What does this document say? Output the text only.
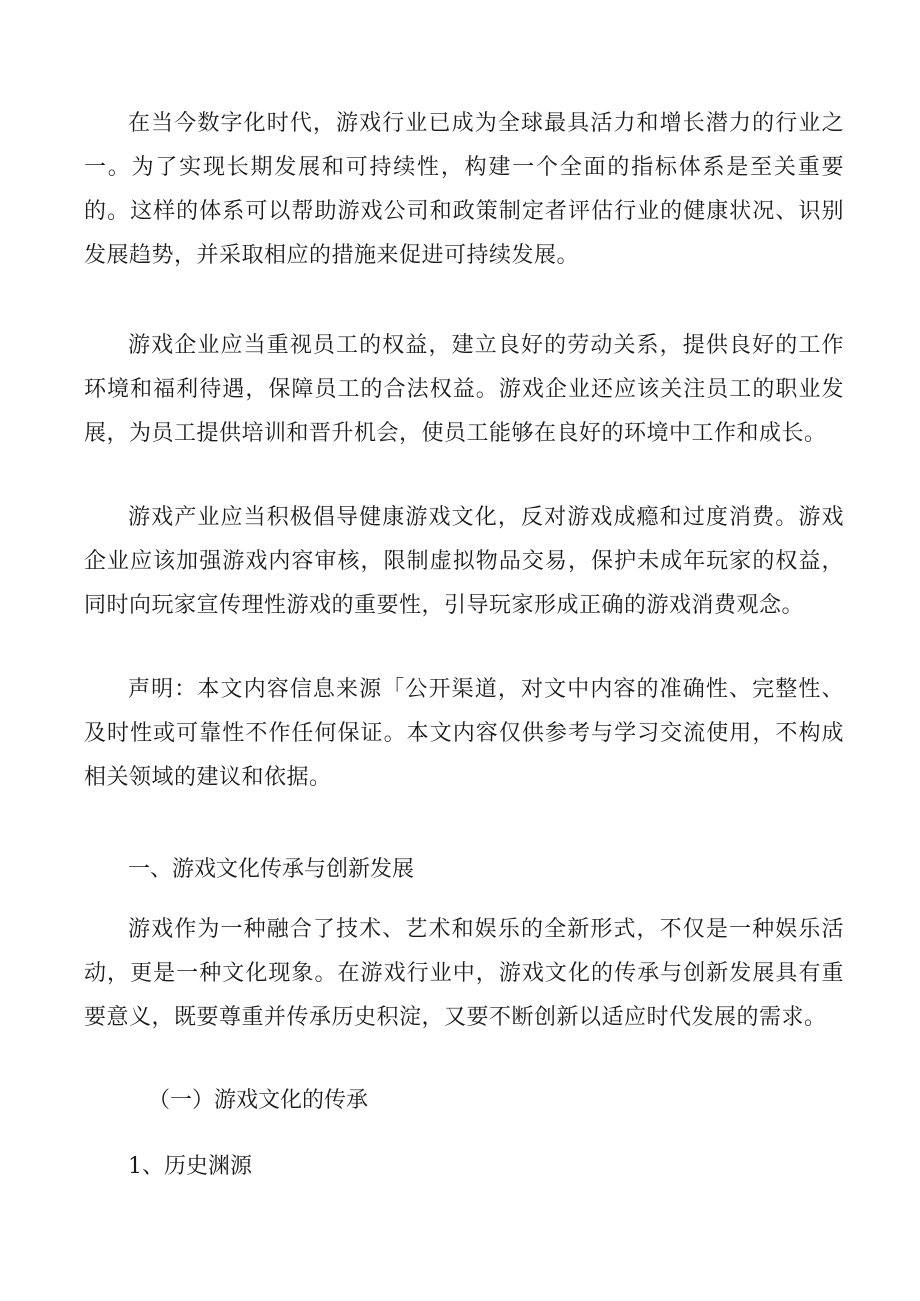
在当今数字化时代，游戏行业已成为全球最具活力和增长潜力的行业之一。为了实现长期发展和可持续性，构建一个全面的指标体系是至关重要的。这样的体系可以帮助游戏公司和政策制定者评估行业的健康状况、识别发展趋势，并采取相应的措施来促进可持续发展。

游戏企业应当重视员工的权益，建立良好的劳动关系，提供良好的工作环境和福利待遇，保障员工的合法权益。游戏企业还应该关注员工的职业发展，为员工提供培训和晋升机会，使员工能够在良好的环境中工作和成长。

游戏产业应当积极倡导健康游戏文化，反对游戏成瘾和过度消费。游戏企业应该加强游戏内容审核，限制虚拟物品交易，保护未成年玩家的权益，同时向玩家宣传理性游戏的重要性，引导玩家形成正确的游戏消费观念。

声明：本文内容信息来源「公开渠道，对文中内容的准确性、完整性、及时性或可靠性不作任何保证。本文内容仅供参考与学习交流使用，不构成相关领域的建议和依据。

一、游戏文化传承与创新发展

游戏作为一种融合了技术、艺术和娱乐的全新形式，不仅是一种娱乐活动，更是一种文化现象。在游戏行业中，游戏文化的传承与创新发展具有重要意义，既要尊重并传承历史积淀，又要不断创新以适应时代发展的需求。

（一）游戏文化的传承
1、历史渊源
